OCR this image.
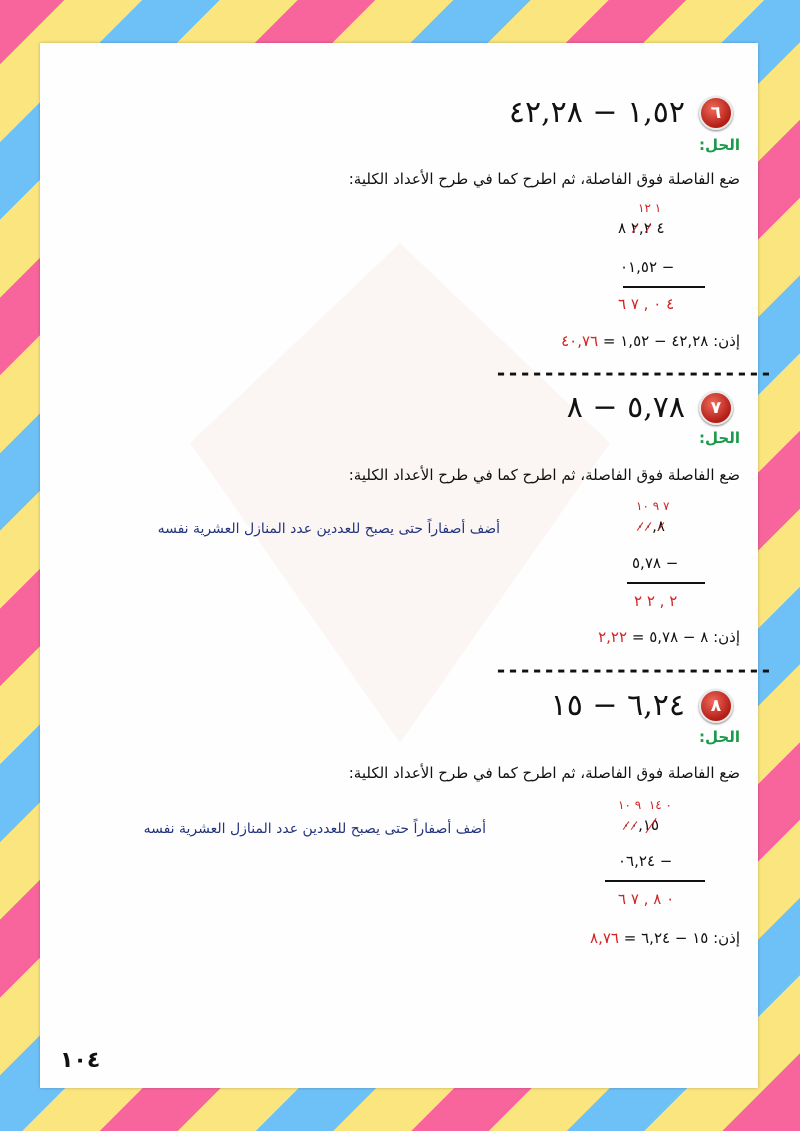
٦
١,٥٢ − ٤٢,٢٨
الحل:
ضع الفاصلة فوق الفاصلة، ثم اطرح كما في طرح الأعداد الكلية:
١ ١٢
٤ ٢,٢ ٨
٠١,٥٢ −
٤ ٠ , ٧ ٦
إذن: ٤٢,٢٨ − ١,٥٢ = ٤٠,٧٦
-----------------------
٧
٥,٧٨ − ٨
الحل:
ضع الفاصلة فوق الفاصلة، ثم اطرح كما في طرح الأعداد الكلية:
٧ ٩ ١٠
٨,٠٠
أضف أصفاراً حتى يصبح للعددين عدد المنازل العشرية نفسه
٥,٧٨ −
٢ , ٢ ٢
إذن: ٨ − ٥,٧٨ = ٢,٢٢
-----------------------
٨
٦,٢٤ − ١٥
الحل:
ضع الفاصلة فوق الفاصلة، ثم اطرح كما في طرح الأعداد الكلية:
٠ ١٤  ٩ ١٠
١٥,٠٠
أضف أصفاراً حتى يصبح للعددين عدد المنازل العشرية نفسه
٠٦,٢٤ −
٠ ٨ , ٧ ٦
إذن: ١٥ − ٦,٢٤ = ٨,٧٦
١٠٤
